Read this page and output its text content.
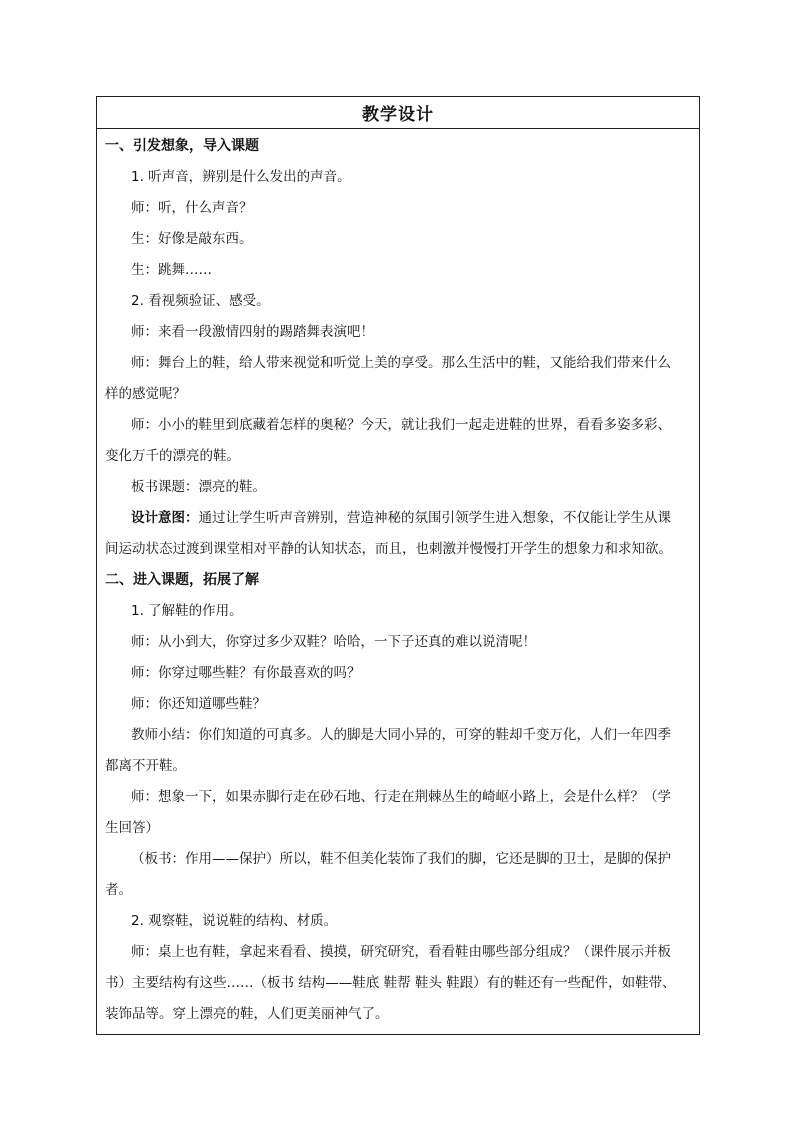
教学设计
一、引发想象，导入课题
1. 听声音，辨别是什么发出的声音。
师：听，什么声音？
生：好像是敲东西。
生：跳舞……
2. 看视频验证、感受。
师：来看一段激情四射的踢踏舞表演吧！
师：舞台上的鞋，给人带来视觉和听觉上美的享受。那么生活中的鞋，又能给我们带来什么
样的感觉呢？
师：小小的鞋里到底藏着怎样的奥秘？今天，就让我们一起走进鞋的世界，看看多姿多彩、
变化万千的漂亮的鞋。
板书课题：漂亮的鞋。
设计意图：通过让学生听声音辨别，营造神秘的氛围引领学生进入想象，不仅能让学生从课
间运动状态过渡到课堂相对平静的认知状态，而且，也刺激并慢慢打开学生的想象力和求知欲。
二、进入课题，拓展了解
1. 了解鞋的作用。
师：从小到大，你穿过多少双鞋？哈哈，一下子还真的难以说清呢！
师：你穿过哪些鞋？有你最喜欢的吗？
师：你还知道哪些鞋？
教师小结：你们知道的可真多。人的脚是大同小异的，可穿的鞋却千变万化，人们一年四季
都离不开鞋。
师：想象一下，如果赤脚行走在砂石地、行走在荆棘丛生的崎岖小路上，会是什么样？（学
生回答）
（板书：作用——保护）所以，鞋不但美化装饰了我们的脚，它还是脚的卫士，是脚的保护
者。
2. 观察鞋，说说鞋的结构、材质。
师：桌上也有鞋，拿起来看看、摸摸，研究研究，看看鞋由哪些部分组成？（课件展示并板
书）主要结构有这些……（板书 结构——鞋底 鞋帮 鞋头 鞋跟）有的鞋还有一些配件，如鞋带、
装饰品等。穿上漂亮的鞋，人们更美丽神气了。
